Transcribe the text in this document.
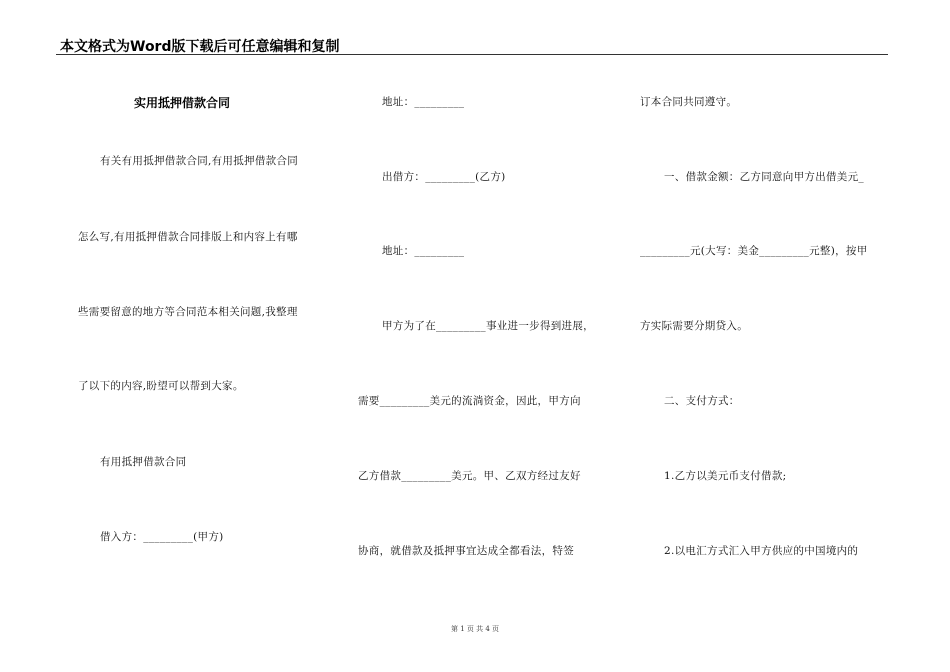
本文格式为Word版下载后可任意编辑和复制
实用抵押借款合同
有关有用抵押借款合同,有用抵押借款合同
怎么写,有用抵押借款合同排版上和内容上有哪
些需要留意的地方等合同范本相关问题,我整理
了以下的内容,盼望可以帮到大家。
有用抵押借款合同
借入方：_________(甲方)
地址：_________
出借方：_________(乙方)
地址：_________
甲方为了在_________事业进一步得到进展，
需要_________美元的流淌资金，因此，甲方向
乙方借款_________美元。甲、乙双方经过友好
协商，就借款及抵押事宜达成全都看法，特签
订本合同共同遵守。
一、借款金额：乙方同意向甲方出借美元_
_________元(大写：美金_________元整)，按甲
方实际需要分期贷入。
二、支付方式：
1.乙方以美元币支付借款;
2.以电汇方式汇入甲方供应的中国境内的
第 1 页 共 4 页
